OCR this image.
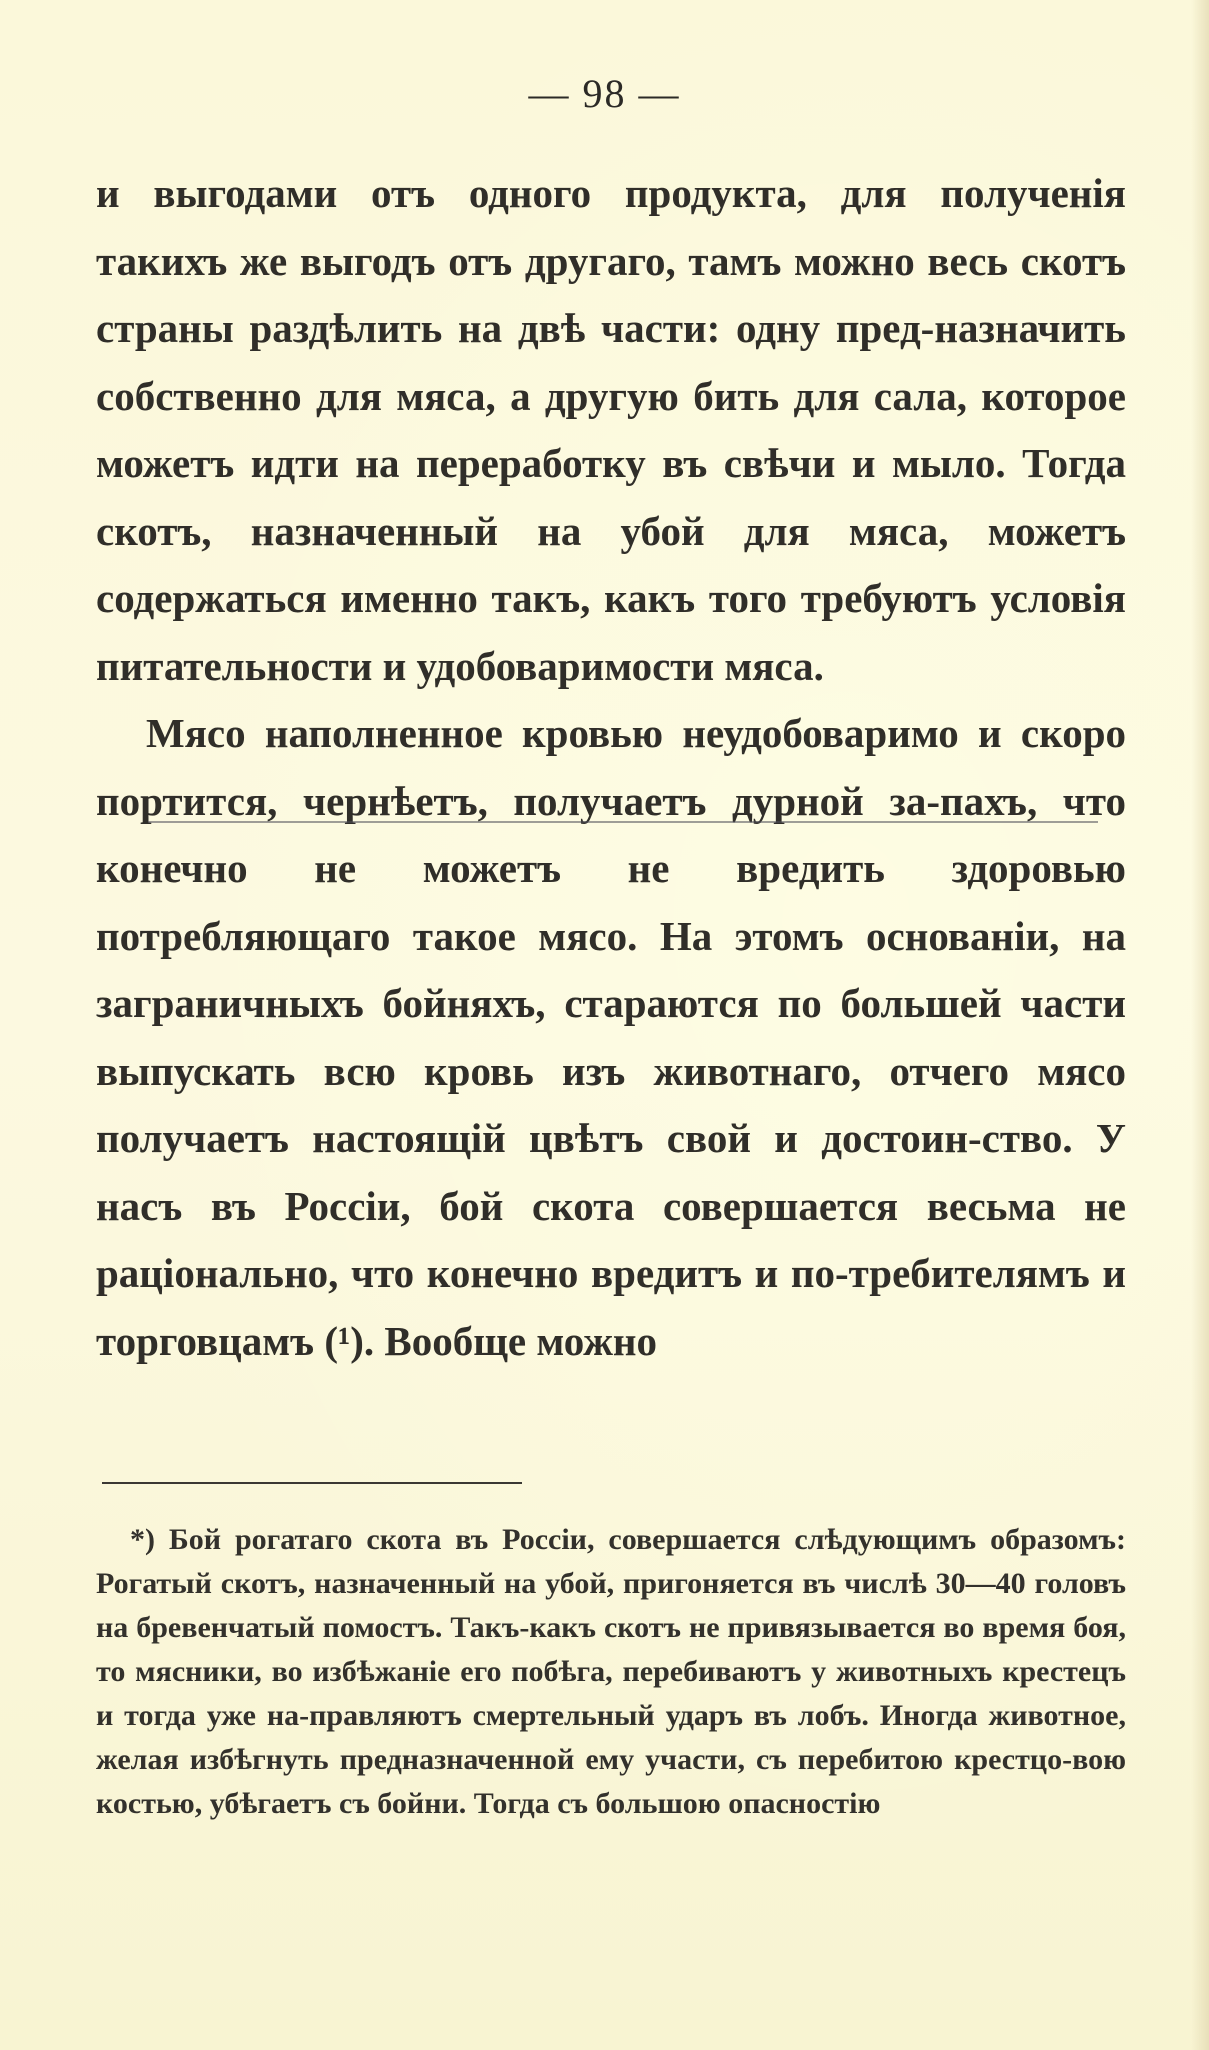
— 98 —

и выгодами отъ одного продукта, для полученія такихъ же выгодъ отъ другаго, тамъ можно весь скотъ страны раздѣлить на двѣ части: одну пред-назначить собственно для мяса, а другую бить для сала, которое можетъ идти на переработку въ свѣчи и мыло. Тогда скотъ, назначенный на убой для мяса, можетъ содержаться именно такъ, какъ того требуютъ условія питательности и удобоваримости мяса.

Мясо наполненное кровью неудобоваримо и скоро портится, чернѣетъ, получаетъ дурной за-пахъ, что конечно не можетъ не вредить здоровью потребляющаго такое мясо. На этомъ основаніи, на заграничныхъ бойняхъ, стараются по большей части выпускать всю кровь изъ животнаго, отчего мясо получаетъ настоящій цвѣтъ свой и достоин-ство. У насъ въ Россіи, бой скота совершается весьма не раціонально, что конечно вредитъ и по-требителямъ и торговцамъ (¹). Вообще можно

*) Бой рогатаго скота въ Россіи, совершается слѣдующимъ образомъ: Рогатый скотъ, назначенный на убой, пригоняется въ числѣ 30—40 головъ на бревенчатый помостъ. Такъ-какъ скотъ не привязывается во время боя, то мясники, во избѣжаніе его побѣга, перебиваютъ у животныхъ крестецъ и тогда уже на-правляютъ смертельный ударъ въ лобъ. Иногда животное, желая избѣгнуть предназначенной ему участи, съ перебитою крестцо-вою костью, убѣгаетъ съ бойни. Тогда съ большою опасностію
